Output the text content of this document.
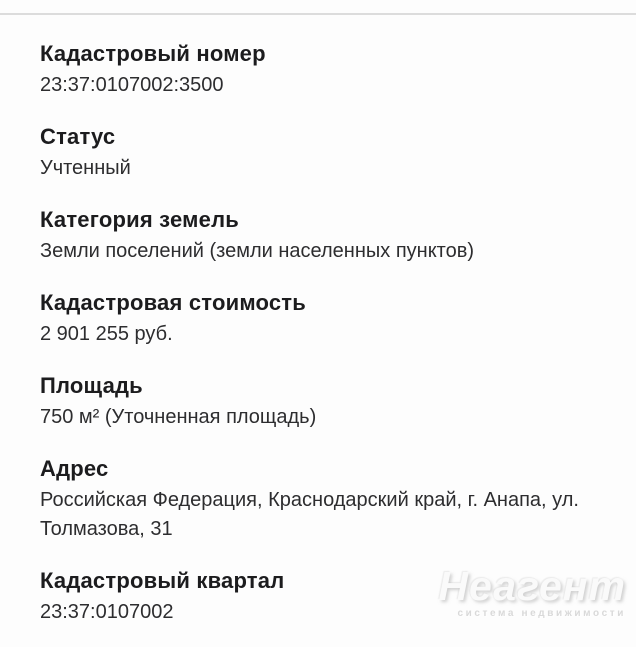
Кадастровый номер

23:37:0107002:3500

Статус

Учтенный

Категория земель

Земли поселений (земли населенных пунктов)

Кадастровая стоимость

2 901 255 руб.

Площадь

750 м² (Уточненная площадь)

Адрес

Российская Федерация, Краснодарский край, г. Анапа, ул. Толмазова, 31

Кадастровый квартал

23:37:0107002

Неагент
система недвижимости
